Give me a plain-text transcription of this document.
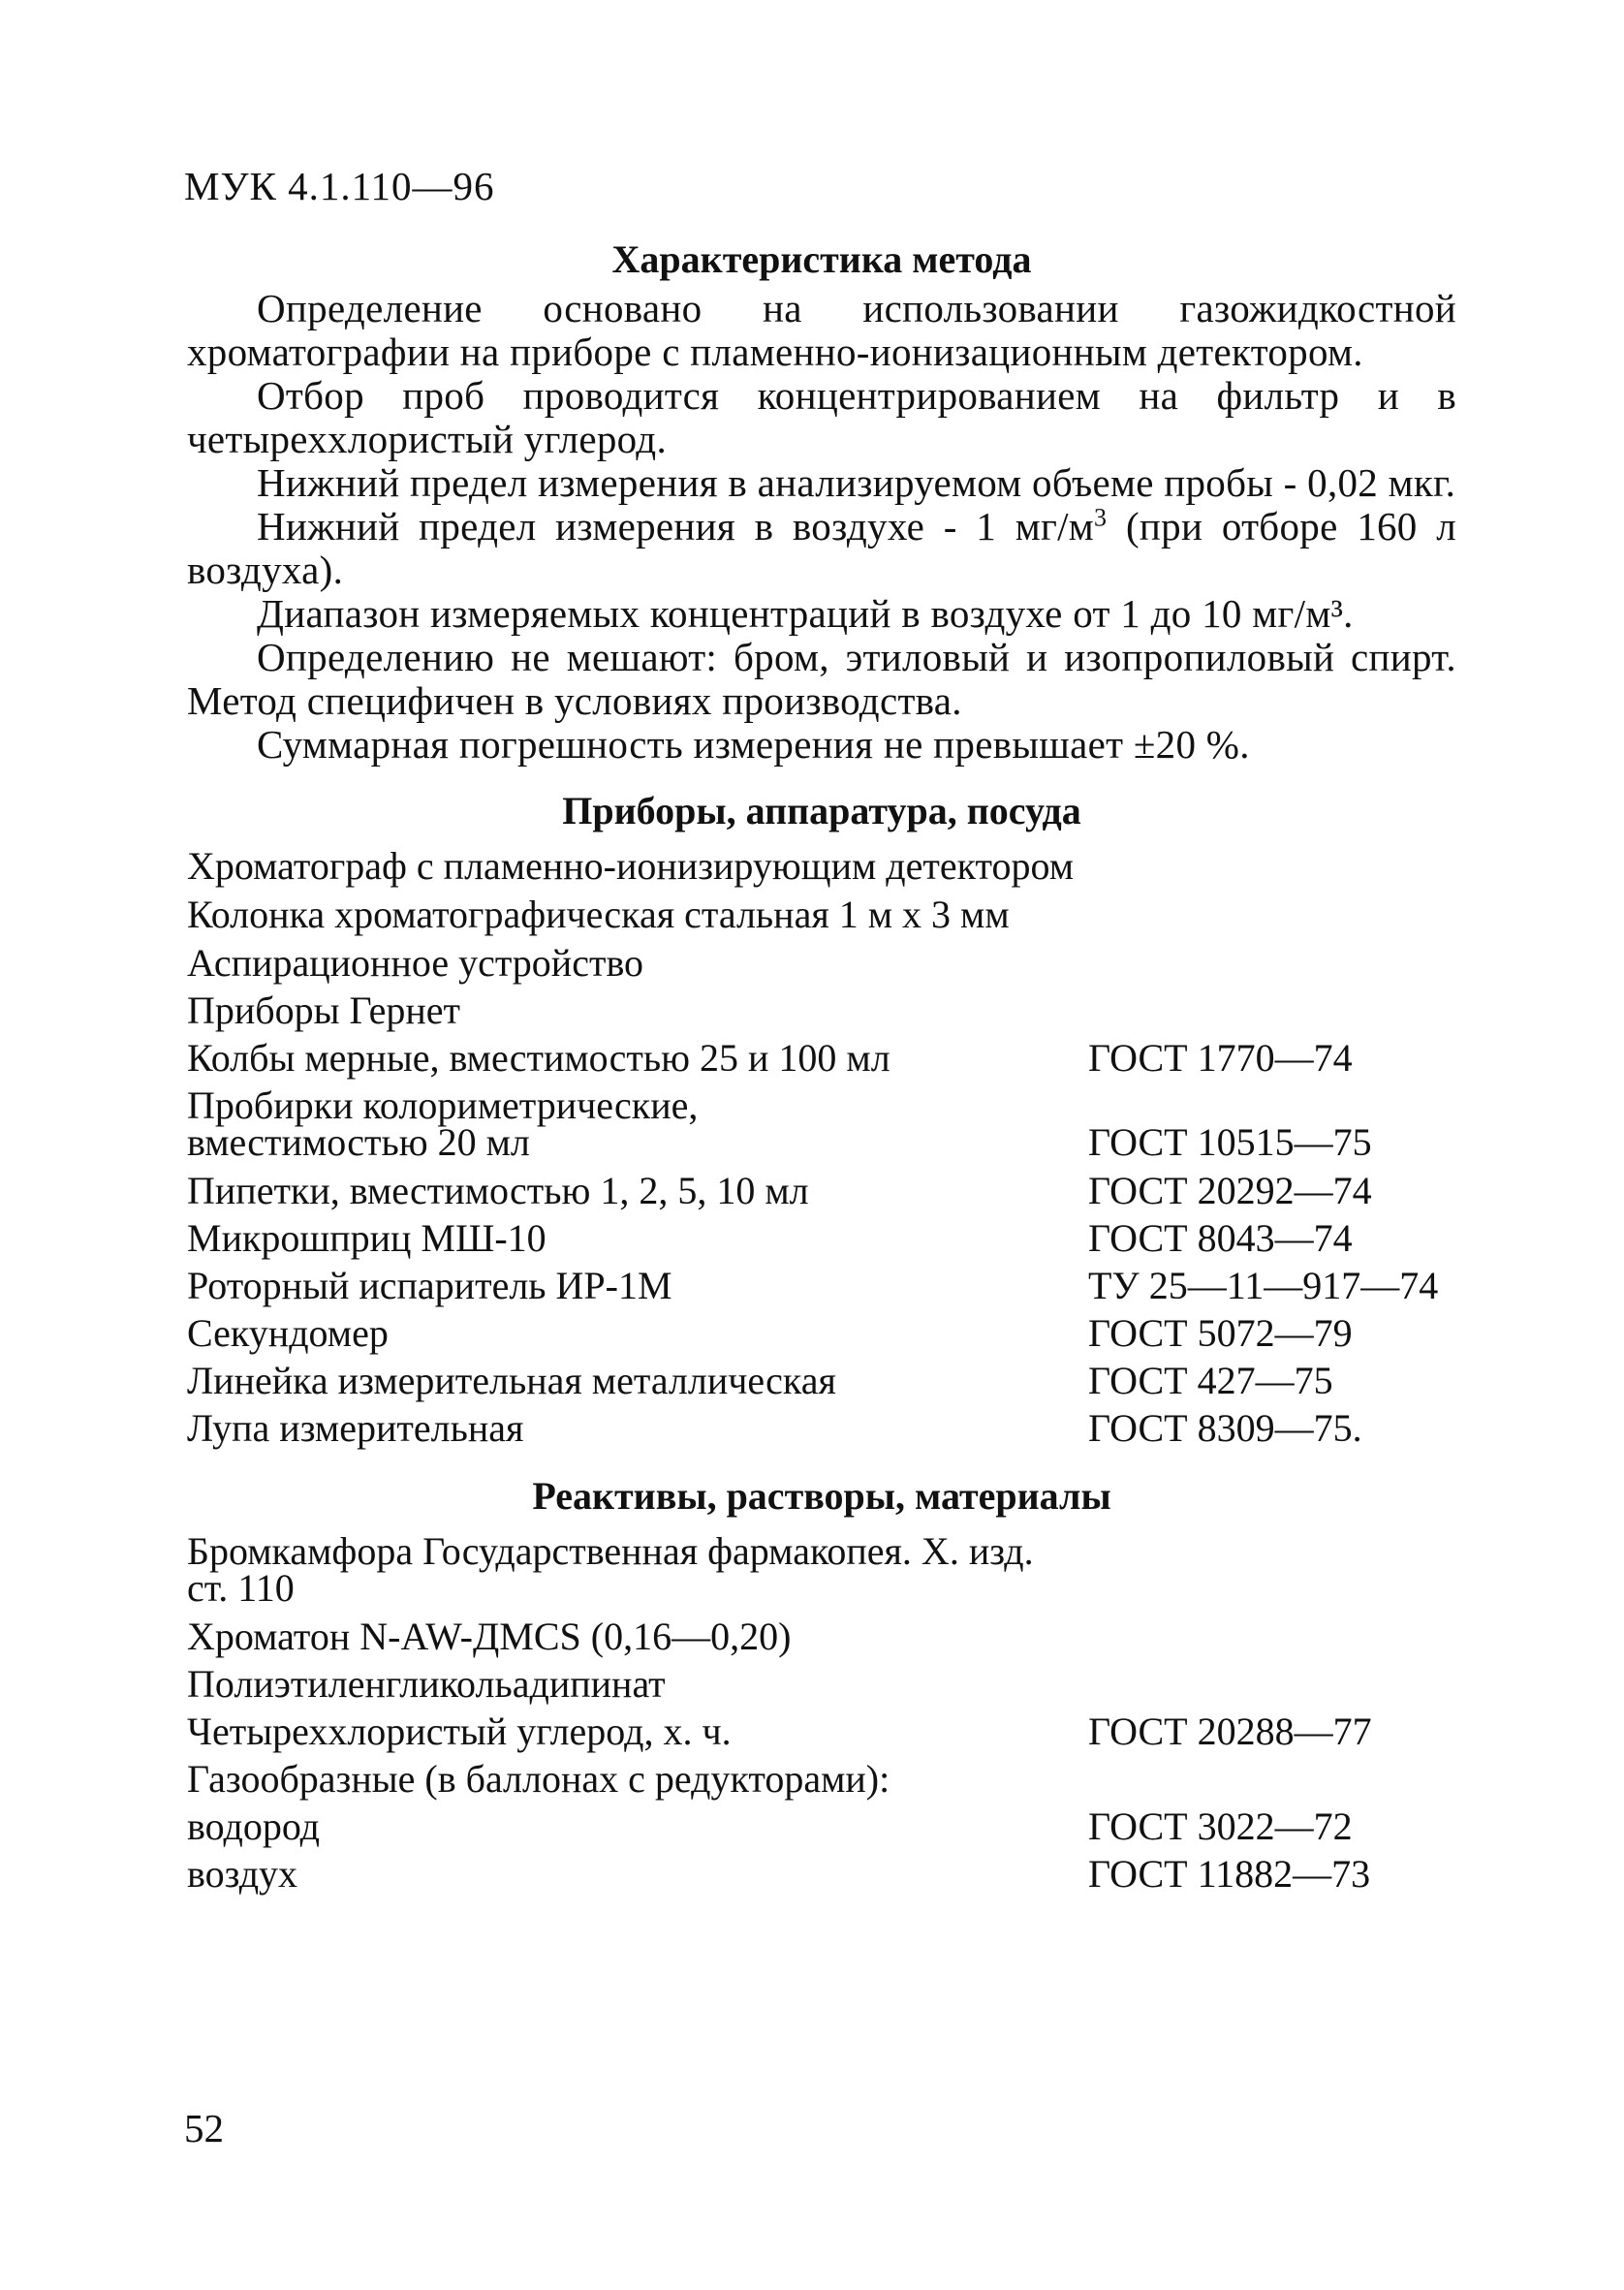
МУК 4.1.110—96
Характеристика метода

Определение основано на использовании газожидкостной хроматографии на приборе с пламенно-ионизационным детектором.

Отбор проб проводится концентрированием на фильтр и в четыреххлористый углерод.

Нижний предел измерения в анализируемом объеме пробы - 0,02 мкг.

Нижний предел измерения в воздухе - 1 $мг/м^3$ (при отборе 160 л воздуха).

Диапазон измеряемых концентраций в воздухе от 1 до 10 мг/м³.

Определению не мешают: бром, этиловый и изопропиловый спирт. Метод специфичен в условиях производства.

Суммарная погрешность измерения не превышает ±20 %.

Приборы, аппаратура, посуда
Хроматограф с пламенно-ионизирующим детектором
Колонка хроматографическая стальная 1 м х 3 мм
Аспирационное устройство
Приборы Гернет
Колбы мерные, вместимостью 25 и 100 мл	ГОСТ 1770—74
Пробирки колориметрические, вместимостью 20 мл	ГОСТ 10515—75
Пипетки, вместимостью 1, 2, 5, 10 мл	ГОСТ 20292—74
Микрошприц МШ-10	ГОСТ 8043—74
Роторный испаритель ИР-1М	ТУ 25—11—917—74
Секундомер	ГОСТ 5072—79
Линейка измерительная металлическая	ГОСТ 427—75
Лупа измерительная	ГОСТ 8309—75.
Реактивы, растворы, материалы
Бромкамфора Государственная фармакопея. X. изд. ст. 110
Хроматон N-AW-ДMCS (0,16—0,20)
Полиэтиленгликольадипинат
Четыреххлористый углерод, х. ч.	ГОСТ 20288—77
Газообразные (в баллонах с редукторами):
водород	ГОСТ 3022—72
воздух	ГОСТ 11882—73
52
